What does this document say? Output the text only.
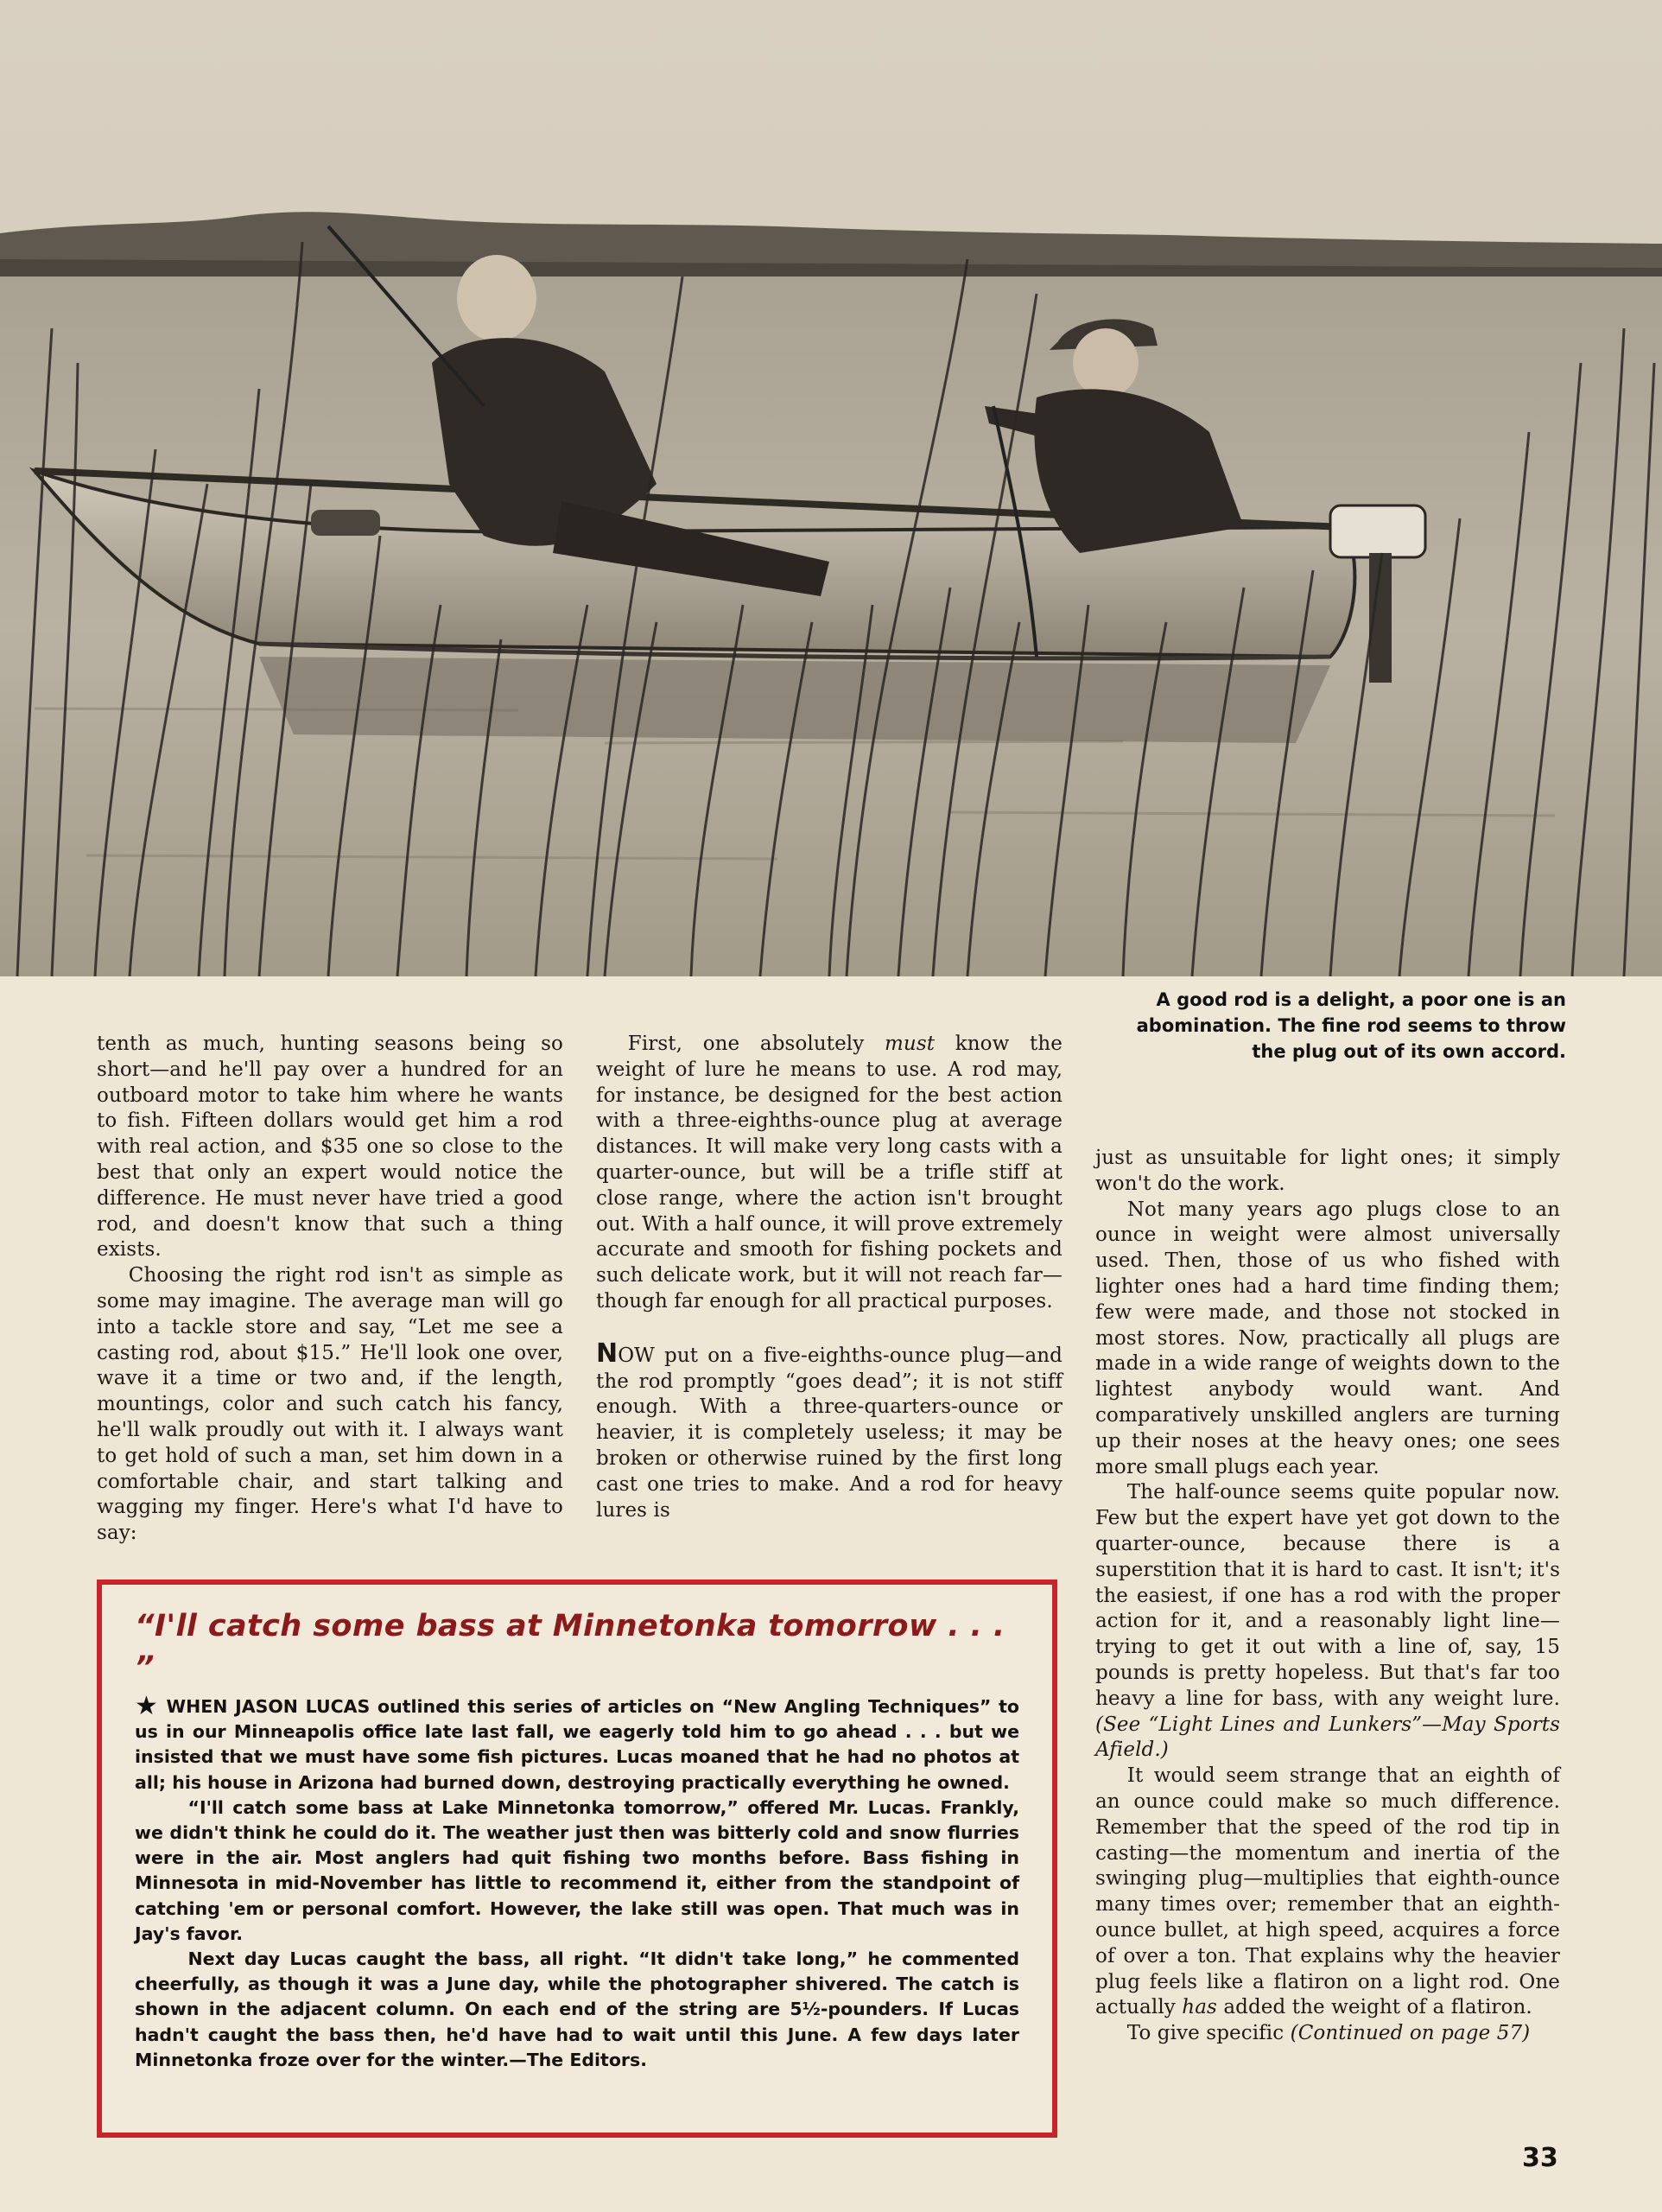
A good rod is a delight, a poor one is an abomination. The fine rod seems to throw the plug out of its own accord.

tenth as much, hunting seasons being so short—and he'll pay over a hundred for an outboard motor to take him where he wants to fish. Fifteen dollars would get him a rod with real action, and $35 one so close to the best that only an expert would notice the difference. He must never have tried a good rod, and doesn't know that such a thing exists.

Choosing the right rod isn't as simple as some may imagine. The average man will go into a tackle store and say, “Let me see a casting rod, about $15.” He'll look one over, wave it a time or two and, if the length, mountings, color and such catch his fancy, he'll walk proudly out with it. I always want to get hold of such a man, set him down in a comfortable chair, and start talking and wagging my finger. Here's what I'd have to say:

First, one absolutely must know the weight of lure he means to use. A rod may, for instance, be designed for the best action with a three-eighths-ounce plug at average distances. It will make very long casts with a quarter-ounce, but will be a trifle stiff at close range, where the action isn't brought out. With a half ounce, it will prove extremely accurate and smooth for fishing pockets and such delicate work, but it will not reach far—though far enough for all practical purposes.

NOW put on a five-eighths-ounce plug—and the rod promptly “goes dead”; it is not stiff enough. With a three-quarters-ounce or heavier, it is completely useless; it may be broken or otherwise ruined by the first long cast one tries to make. And a rod for heavy lures is

just as unsuitable for light ones; it simply won't do the work.

Not many years ago plugs close to an ounce in weight were almost universally used. Then, those of us who fished with lighter ones had a hard time finding them; few were made, and those not stocked in most stores. Now, practically all plugs are made in a wide range of weights down to the lightest anybody would want. And comparatively unskilled anglers are turning up their noses at the heavy ones; one sees more small plugs each year.

The half-ounce seems quite popular now. Few but the expert have yet got down to the quarter-ounce, because there is a superstition that it is hard to cast. It isn't; it's the easiest, if one has a rod with the proper action for it, and a reasonably light line—trying to get it out with a line of, say, 15 pounds is pretty hopeless. But that's far too heavy a line for bass, with any weight lure. (See “Light Lines and Lunkers”—May Sports Afield.)

It would seem strange that an eighth of an ounce could make so much difference. Remember that the speed of the rod tip in casting—the momentum and inertia of the swinging plug—multiplies that eighth-ounce many times over; remember that an eighth-ounce bullet, at high speed, acquires a force of over a ton. That explains why the heavier plug feels like a flatiron on a light rod. One actually has added the weight of a flatiron.

To give specific (Continued on page 57)

“I'll catch some bass at Minnetonka tomorrow . . . ”

★ WHEN JASON LUCAS outlined this series of articles on “New Angling Techniques” to us in our Minneapolis office late last fall, we eagerly told him to go ahead . . . but we insisted that we must have some fish pictures. Lucas moaned that he had no photos at all; his house in Arizona had burned down, destroying practically everything he owned.

“I'll catch some bass at Lake Minnetonka tomorrow,” offered Mr. Lucas. Frankly, we didn't think he could do it. The weather just then was bitterly cold and snow flurries were in the air. Most anglers had quit fishing two months before. Bass fishing in Minnesota in mid-November has little to recommend it, either from the standpoint of catching 'em or personal comfort. However, the lake still was open. That much was in Jay's favor.

Next day Lucas caught the bass, all right. “It didn't take long,” he commented cheerfully, as though it was a June day, while the photographer shivered. The catch is shown in the adjacent column. On each end of the string are 5½-pounders. If Lucas hadn't caught the bass then, he'd have had to wait until this June. A few days later Minnetonka froze over for the winter.—The Editors.

33
